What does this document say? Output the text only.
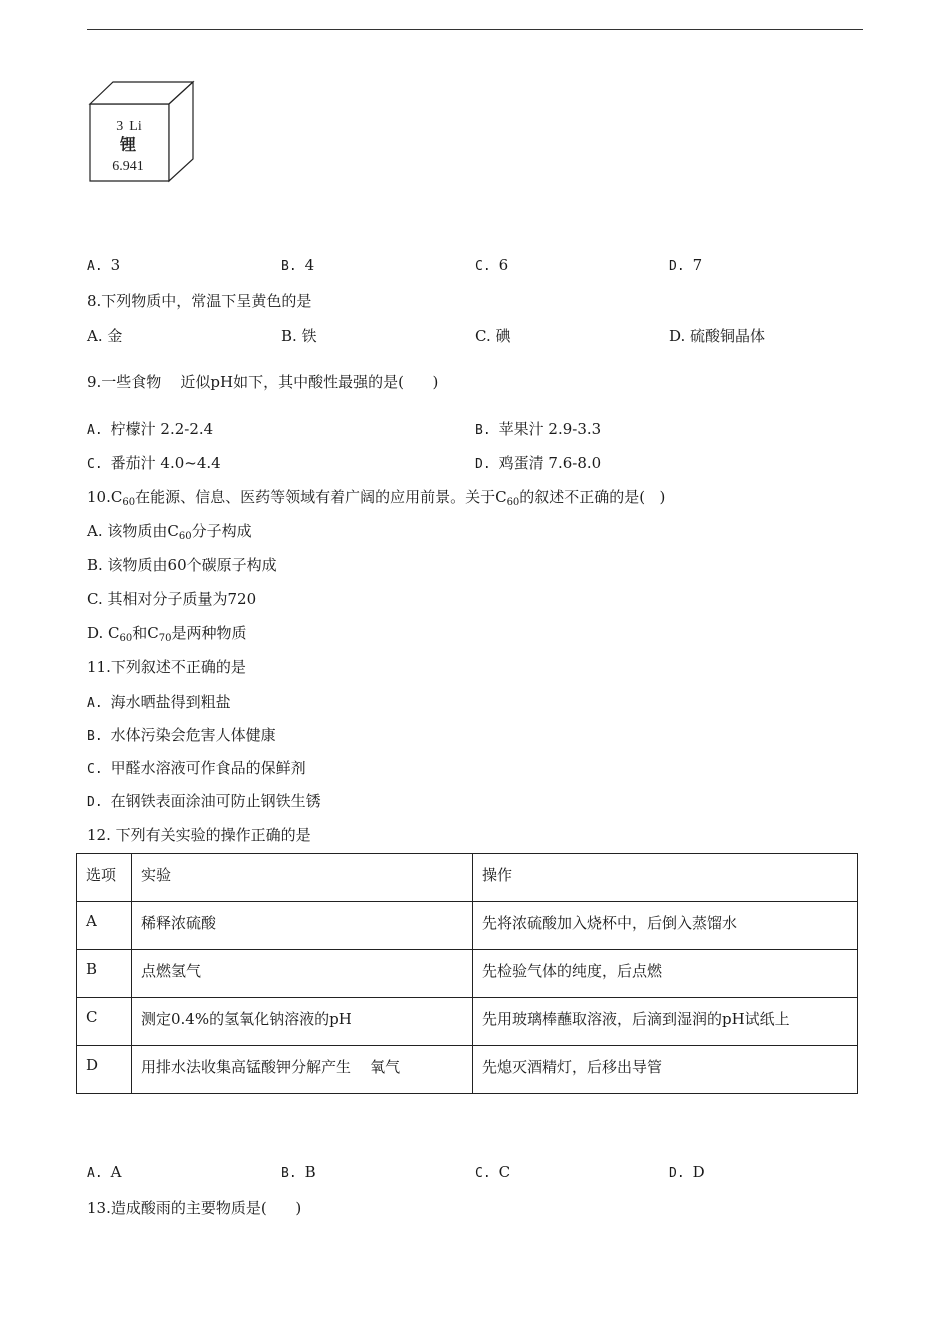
3 Li
锂
6.941
A. 3	B. 4	C. 6	D. 7
8.下列物质中，常温下呈黄色的是
A. 金	B. 铁	C. 碘	D. 硫酸铜晶体
9.一些食物    近似pH如下，其中酸性最强的是(      )
A. 柠檬汁 2.2-2.4	B. 苹果汁 2.9-3.3
C. 番茄汁 4.0~4.4	D. 鸡蛋清 7.6-8.0
$10.C_{60}$在能源、信息、医药等领域有着广阔的应用前景。关于$C_{60}$的叙述不正确的是(   )
A. 该物质由$C_{60}$分子构成
B. 该物质由60个碳原子构成
C. 其相对分子质量为720
D. $C_{60}$和$C_{70}$是两种物质
11.下列叙述不正确的是
A. 海水晒盐得到粗盐
B. 水体污染会危害人体健康
C. 甲醛水溶液可作食品的保鲜剂
D. 在钢铁表面涂油可防止钢铁生锈
12. 下列有关实验的操作正确的是
选项	实验	操作
A	稀释浓硫酸	先将浓硫酸加入烧杯中，后倒入蒸馏水
B	点燃氢气	先检验气体的纯度，后点燃
C	测定0.4%的氢氧化钠溶液的pH	先用玻璃棒蘸取溶液，后滴到湿润的pH试纸上
D	用排水法收集高锰酸钾分解产生    氧气	先熄灭酒精灯，后移出导管
A. A	B. B	C. C	D. D
13.造成酸雨的主要物质是(      )
